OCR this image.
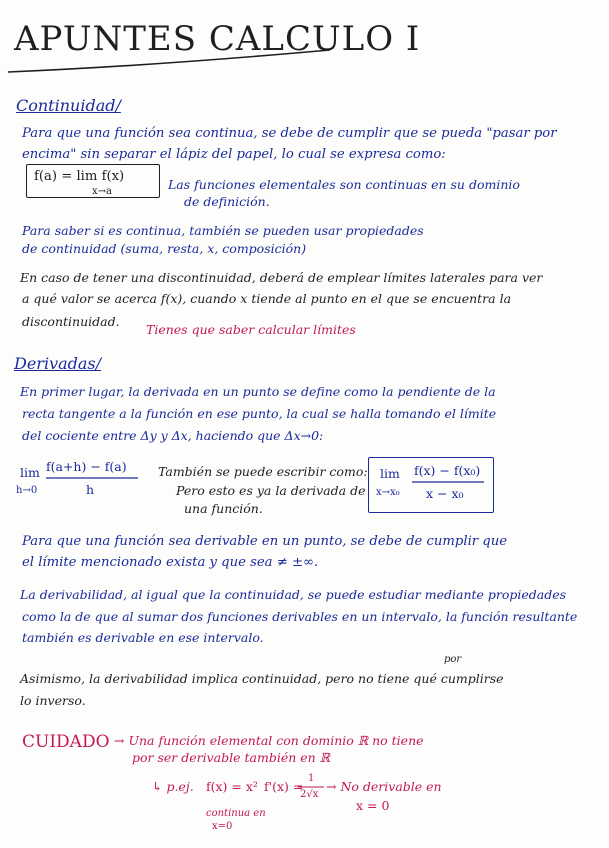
APUNTES CALCULO I
Continuidad/
Para que una función sea continua, se debe de cumplir que se pueda "pasar por
encima" sin separar el lápiz del papel, lo cual se expresa como:
f(a) = lim f(x)
x→a	Las funciones elementales son continuas en su dominio
de definición.
Para saber si es continua, también se pueden usar propiedades
de continuidad (suma, resta, x, composición)
En caso de tener una discontinuidad, deberá de emplear límites laterales para ver
a qué valor se acerca f(x), cuando x tiende al punto en el que se encuentra la
discontinuidad.
Tienes que saber calcular límites
Derivadas/
En primer lugar, la derivada en un punto se define como la pendiente de la
recta tangente a la función en ese punto, la cual se halla tomando el límite
del cociente entre Δy y Δx, haciendo que Δx→0:
lim
h→0
f(a+h) − f(a)
h
También se puede escribir como:
Pero esto es ya la derivada de
una función.
lim
x→x₀
f(x) − f(x₀)
x − x₀
Para que una función sea derivable en un punto, se debe de cumplir que
el límite mencionado exista y que sea ≠ ±∞.
La derivabilidad, al igual que la continuidad, se puede estudiar mediante propiedades
como la de que al sumar dos funciones derivables en un intervalo, la función resultante
también es derivable en ese intervalo.
por
Asimismo, la derivabilidad implica continuidad, pero no tiene qué cumplirse
lo inverso.
CUIDADO → Una función elemental con dominio ℝ no tiene
por ser derivable también en ℝ
↳ p.ej. f(x) = x² f'(x) =
1
2√x
→ No derivable en
x = 0
continua en
x=0
